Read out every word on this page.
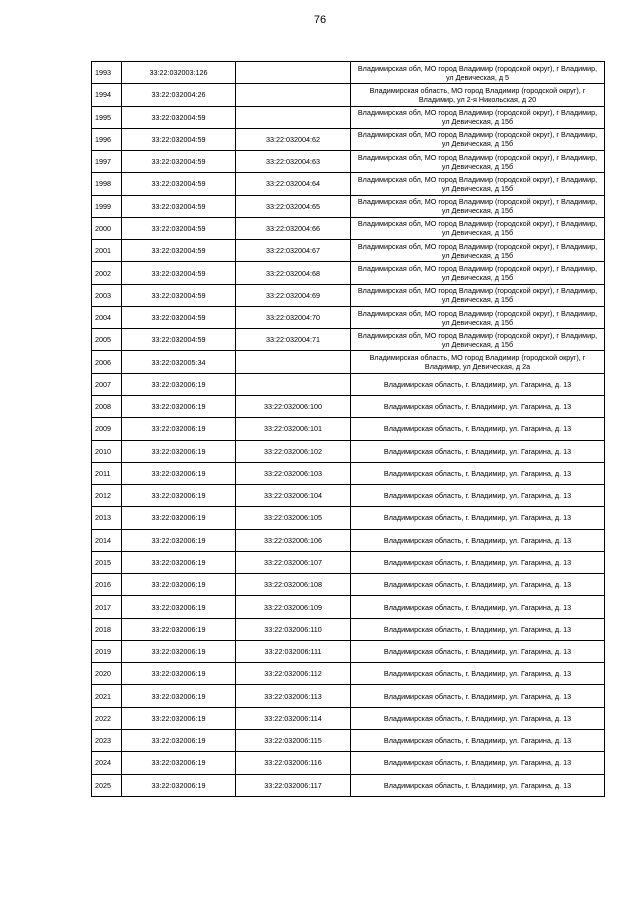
76
1993	33:22:032003:126		Владимирская обл, МО город Владимир (городской округ), г Владимир, ул Девическая, д 5
1994	33:22:032004:26		Владимирская область, МО город Владимир (городской округ), г Владимир, ул 2-я Никольская, д 20
1995	33:22:032004:59		Владимирская обл, МО город Владимир (городской округ), г Владимир, ул Девическая, д 15б
1996	33:22:032004:59	33:22:032004:62	Владимирская обл, МО город Владимир (городской округ), г Владимир, ул Девическая, д 15б
1997	33:22:032004:59	33:22:032004:63	Владимирская обл, МО город Владимир (городской округ), г Владимир, ул Девическая, д 15б
1998	33:22:032004:59	33:22:032004:64	Владимирская обл, МО город Владимир (городской округ), г Владимир, ул Девическая, д 15б
1999	33:22:032004:59	33:22:032004:65	Владимирская обл, МО город Владимир (городской округ), г Владимир, ул Девическая, д 15б
2000	33:22:032004:59	33:22:032004:66	Владимирская обл, МО город Владимир (городской округ), г Владимир, ул Девическая, д 15б
2001	33:22:032004:59	33:22:032004:67	Владимирская обл, МО город Владимир (городской округ), г Владимир, ул Девическая, д 15б
2002	33:22:032004:59	33:22:032004:68	Владимирская обл, МО город Владимир (городской округ), г Владимир, ул Девическая, д 15б
2003	33:22:032004:59	33:22:032004:69	Владимирская обл, МО город Владимир (городской округ), г Владимир, ул Девическая, д 15б
2004	33:22:032004:59	33:22:032004:70	Владимирская обл, МО город Владимир (городской округ), г Владимир, ул Девическая, д 15б
2005	33:22:032004:59	33:22:032004:71	Владимирская обл, МО город Владимир (городской округ), г Владимир, ул Девическая, д 15б
2006	33:22:032005:34		Владимирская область, МО город Владимир (городской округ), г Владимир, ул Девическая, д 2а
2007	33:22:032006:19		Владимирская область, г. Владимир, ул. Гагарина, д. 13
2008	33:22:032006:19	33:22:032006:100	Владимирская область, г. Владимир, ул. Гагарина, д. 13
2009	33:22:032006:19	33:22:032006:101	Владимирская область, г. Владимир, ул. Гагарина, д. 13
2010	33:22:032006:19	33:22:032006:102	Владимирская область, г. Владимир, ул. Гагарина, д. 13
2011	33:22:032006:19	33:22:032006:103	Владимирская область, г. Владимир, ул. Гагарина, д. 13
2012	33:22:032006:19	33:22:032006:104	Владимирская область, г. Владимир, ул. Гагарина, д. 13
2013	33:22:032006:19	33:22:032006:105	Владимирская область, г. Владимир, ул. Гагарина, д. 13
2014	33:22:032006:19	33:22:032006:106	Владимирская область, г. Владимир, ул. Гагарина, д. 13
2015	33:22:032006:19	33:22:032006:107	Владимирская область, г. Владимир, ул. Гагарина, д. 13
2016	33:22:032006:19	33:22:032006:108	Владимирская область, г. Владимир, ул. Гагарина, д. 13
2017	33:22:032006:19	33:22:032006:109	Владимирская область, г. Владимир, ул. Гагарина, д. 13
2018	33:22:032006:19	33:22:032006:110	Владимирская область, г. Владимир, ул. Гагарина, д. 13
2019	33:22:032006:19	33:22:032006:111	Владимирская область, г. Владимир, ул. Гагарина, д. 13
2020	33:22:032006:19	33:22:032006:112	Владимирская область, г. Владимир, ул. Гагарина, д. 13
2021	33:22:032006:19	33:22:032006:113	Владимирская область, г. Владимир, ул. Гагарина, д. 13
2022	33:22:032006:19	33:22:032006:114	Владимирская область, г. Владимир, ул. Гагарина, д. 13
2023	33:22:032006:19	33:22:032006:115	Владимирская область, г. Владимир, ул. Гагарина, д. 13
2024	33:22:032006:19	33:22:032006:116	Владимирская область, г. Владимир, ул. Гагарина, д. 13
2025	33:22:032006:19	33:22:032006:117	Владимирская область, г. Владимир, ул. Гагарина, д. 13
